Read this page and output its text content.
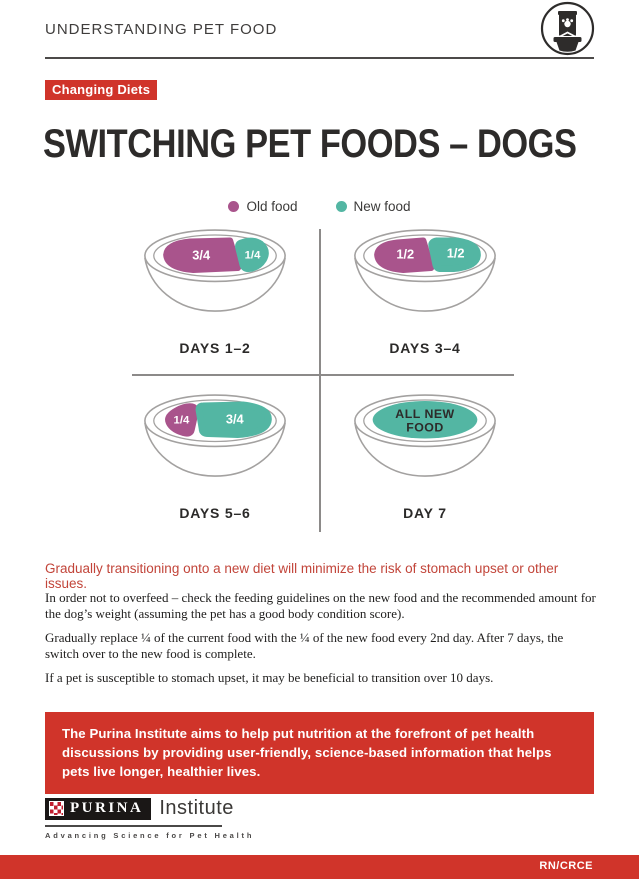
UNDERSTANDING PET FOOD
Changing Diets
SWITCHING PET FOODS – DOGS
Old food	New food
3/4	1/4
DAYS 1–2
1/2	1/2
DAYS 3–4
1/4	3/4
DAYS 5–6
ALL NEW
FOOD
DAY 7
Gradually transitioning onto a new diet will minimize the risk of stomach upset or other issues.

In order not to overfeed – check the feeding guidelines on the new food and the recommended amount for the dog’s weight (assuming the pet has a good body condition score).

Gradually replace ¼ of the current food with the ¼ of the new food every 2nd day. After 7 days, the switch over to the new food is complete.

If a pet is susceptible to stomach upset, it may be beneficial to transition over 10 days.

The Purina Institute aims to help put nutrition at the forefront of pet health discussions by providing user-friendly, science-based information that helps pets live longer, healthier lives.
PURINA Institute
Advancing Science for Pet Health
RN/CRCE
